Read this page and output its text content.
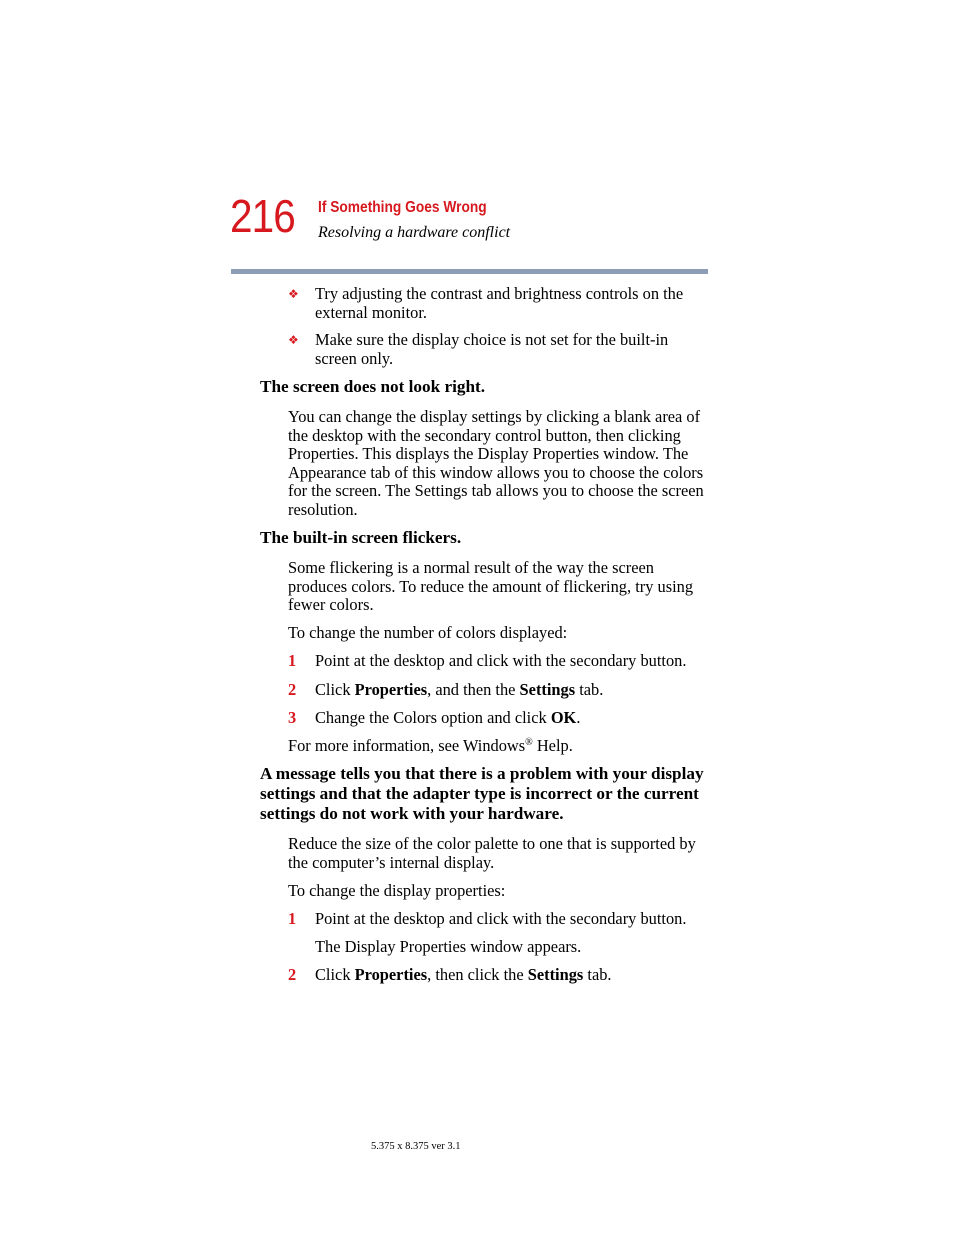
216 If Something Goes Wrong
Resolving a hardware conflict
❖ Try adjusting the contrast and brightness controls on the external monitor.
❖ Make sure the display choice is not set for the built-in screen only.
The screen does not look right.
You can change the display settings by clicking a blank area of the desktop with the secondary control button, then clicking Properties. This displays the Display Properties window. The Appearance tab of this window allows you to choose the colors for the screen. The Settings tab allows you to choose the screen resolution.
The built-in screen flickers.
Some flickering is a normal result of the way the screen produces colors. To reduce the amount of flickering, try using fewer colors.
To change the number of colors displayed:
1	Point at the desktop and click with the secondary button.
2	Click Properties, and then the Settings tab.
3	Change the Colors option and click OK.
For more information, see Windows® Help.
A message tells you that there is a problem with your display settings and that the adapter type is incorrect or the current settings do not work with your hardware.
Reduce the size of the color palette to one that is supported by the computer’s internal display.
To change the display properties:
1	Point at the desktop and click with the secondary button.
The Display Properties window appears.
2	Click Properties, then click the Settings tab.
5.375 x 8.375 ver 3.1
